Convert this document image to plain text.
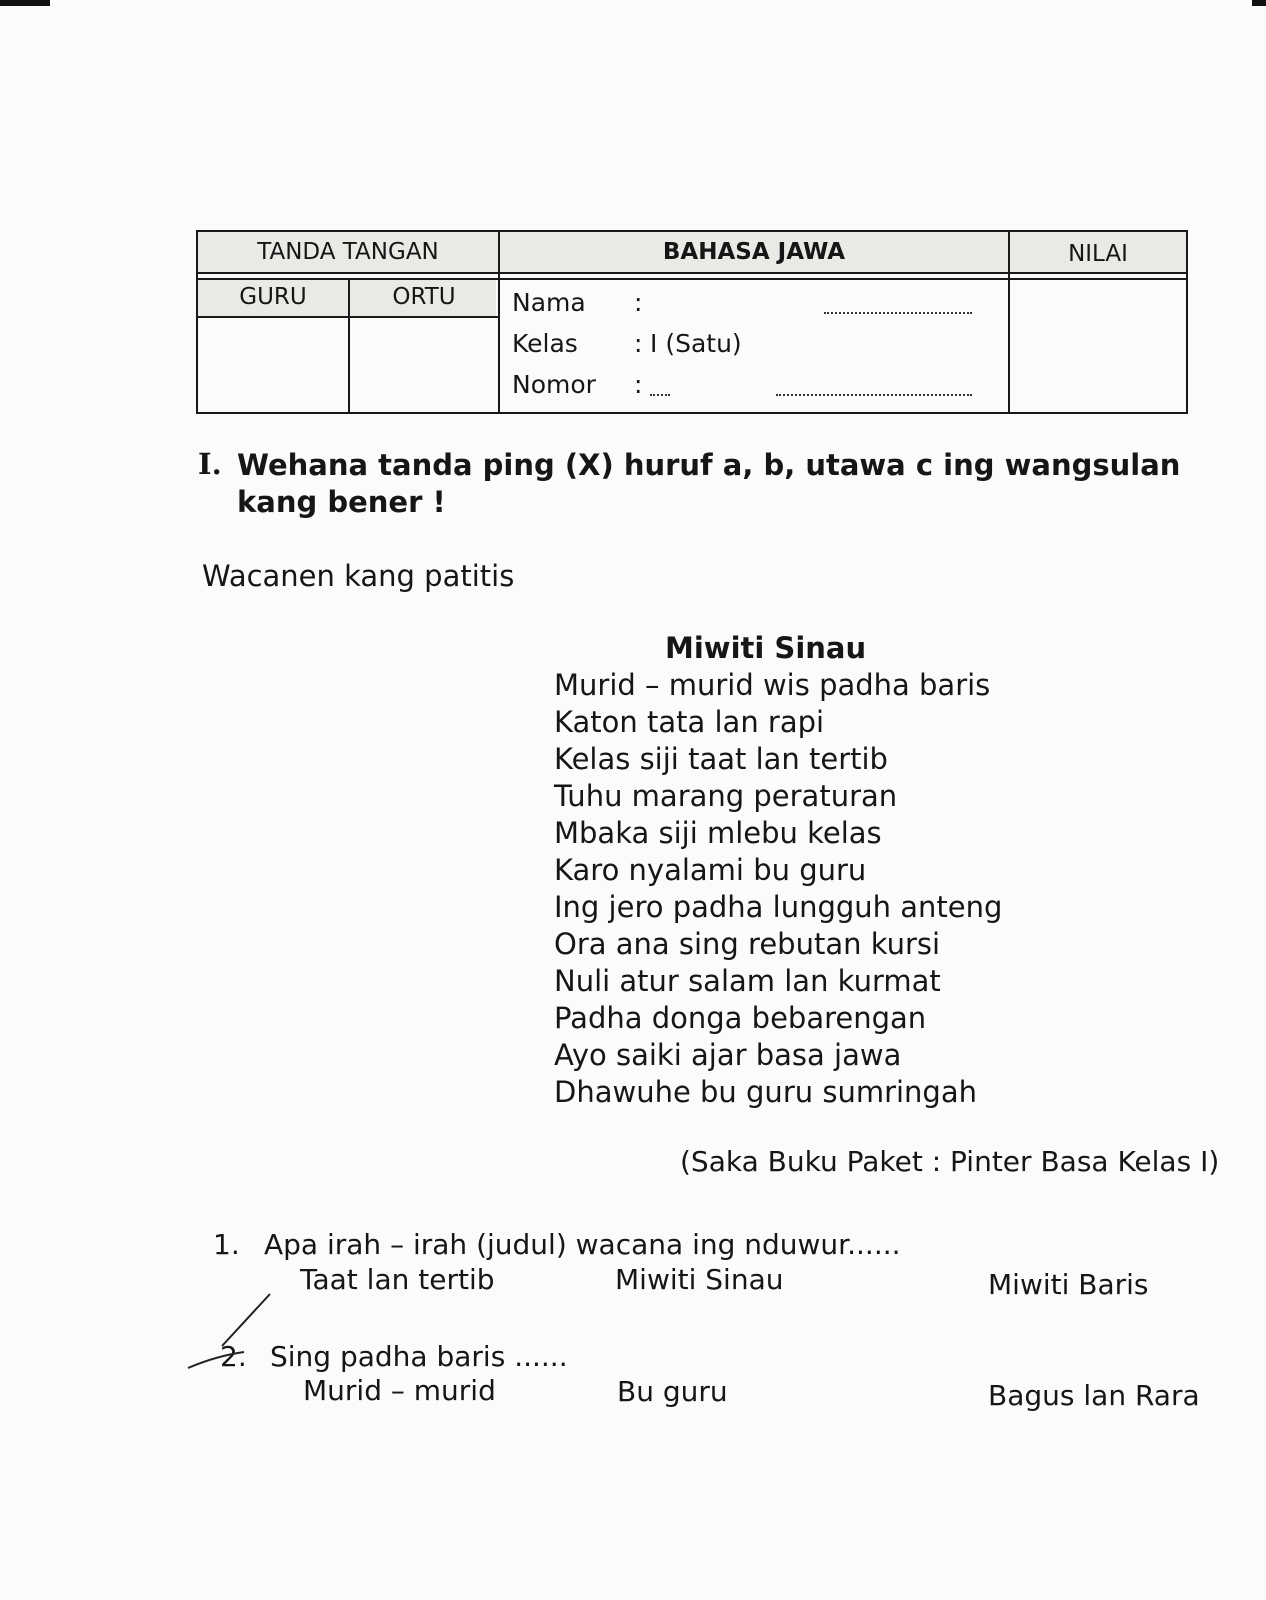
TANDA TANGAN	BAHASA JAWA	NILAI
GURU	ORTU	Nama :
Kelas : I (Satu)
Nomor :
I. Wehana tanda ping (X) huruf a, b, utawa c ing wangsulan kang bener !
Wacanen kang patitis
Miwiti Sinau
Murid – murid wis padha baris
Katon tata lan rapi
Kelas siji taat lan tertib
Tuhu marang peraturan
Mbaka siji mlebu kelas
Karo nyalami bu guru
Ing jero padha lungguh anteng
Ora ana sing rebutan kursi
Nuli atur salam lan kurmat
Padha donga bebarengan
Ayo saiki ajar basa jawa
Dhawuhe bu guru sumringah
(Saka Buku Paket : Pinter Basa Kelas I)
1. Apa irah – irah (judul) wacana ing nduwur......
Taat lan tertib	Miwiti Sinau	Miwiti Baris
2. Sing padha baris ......
Murid – murid	Bu guru	Bagus lan Rara
